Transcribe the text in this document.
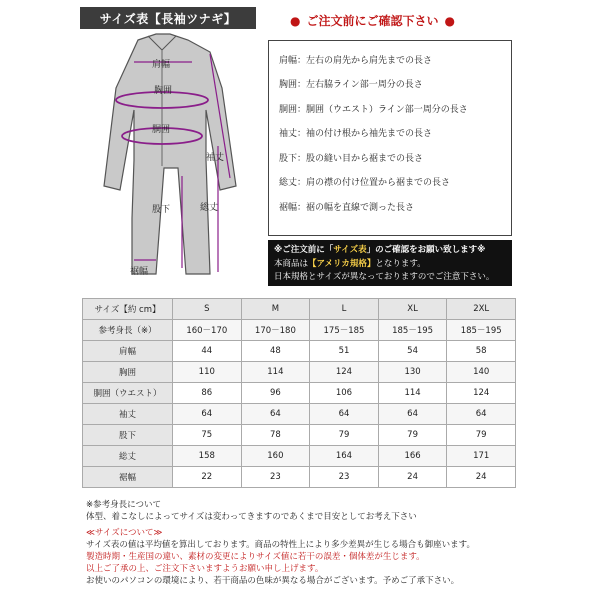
サイズ表【長袖ツナギ】	● ご注文前にご確認下さい ●
肩幅
胸囲
胴囲
袖丈
股下	総丈
裾幅
肩幅：左右の肩先から肩先までの長さ
胸囲：左右脇ライン部一周分の長さ
胴囲：胴囲（ウエスト）ライン部一周分の長さ
袖丈：袖の付け根から袖先までの長さ
股下：股の縫い目から裾までの長さ
総丈：肩の襟の付け位置から裾までの長さ
裾幅：裾の幅を直線で測った長さ
※ご注文前に「サイズ表」のご確認をお願い致します※
本商品は【アメリカ規格】となります。
日本規格とサイズが異なっておりますのでご注意下さい。
サイズ【約 cm】	S	M	L	XL	2XL
参考身長（※）	160－170	170－180	175－185	185－195	185－195
肩幅	44	48	51	54	58
胸囲	110	114	124	130	140
胴囲（ウエスト）	86	96	106	114	124
袖丈	64	64	64	64	64
股下	75	78	79	79	79
総丈	158	160	164	166	171
裾幅	22	23	23	24	24
※参考身長について
体型、着こなしによってサイズは変わってきますのであくまで目安としてお考え下さい
≪サイズについて≫
サイズ表の値は平均値を算出しております。商品の特性上により多少差異が生じる場合も御座います。
製造時期・生産国の違い、素材の変更によりサイズ値に若干の誤差・個体差が生じます。
以上ご了承の上、ご注文下さいますようお願い申し上げます。
お使いのパソコンの環境により、若干商品の色味が異なる場合がございます。予めご了承下さい。
